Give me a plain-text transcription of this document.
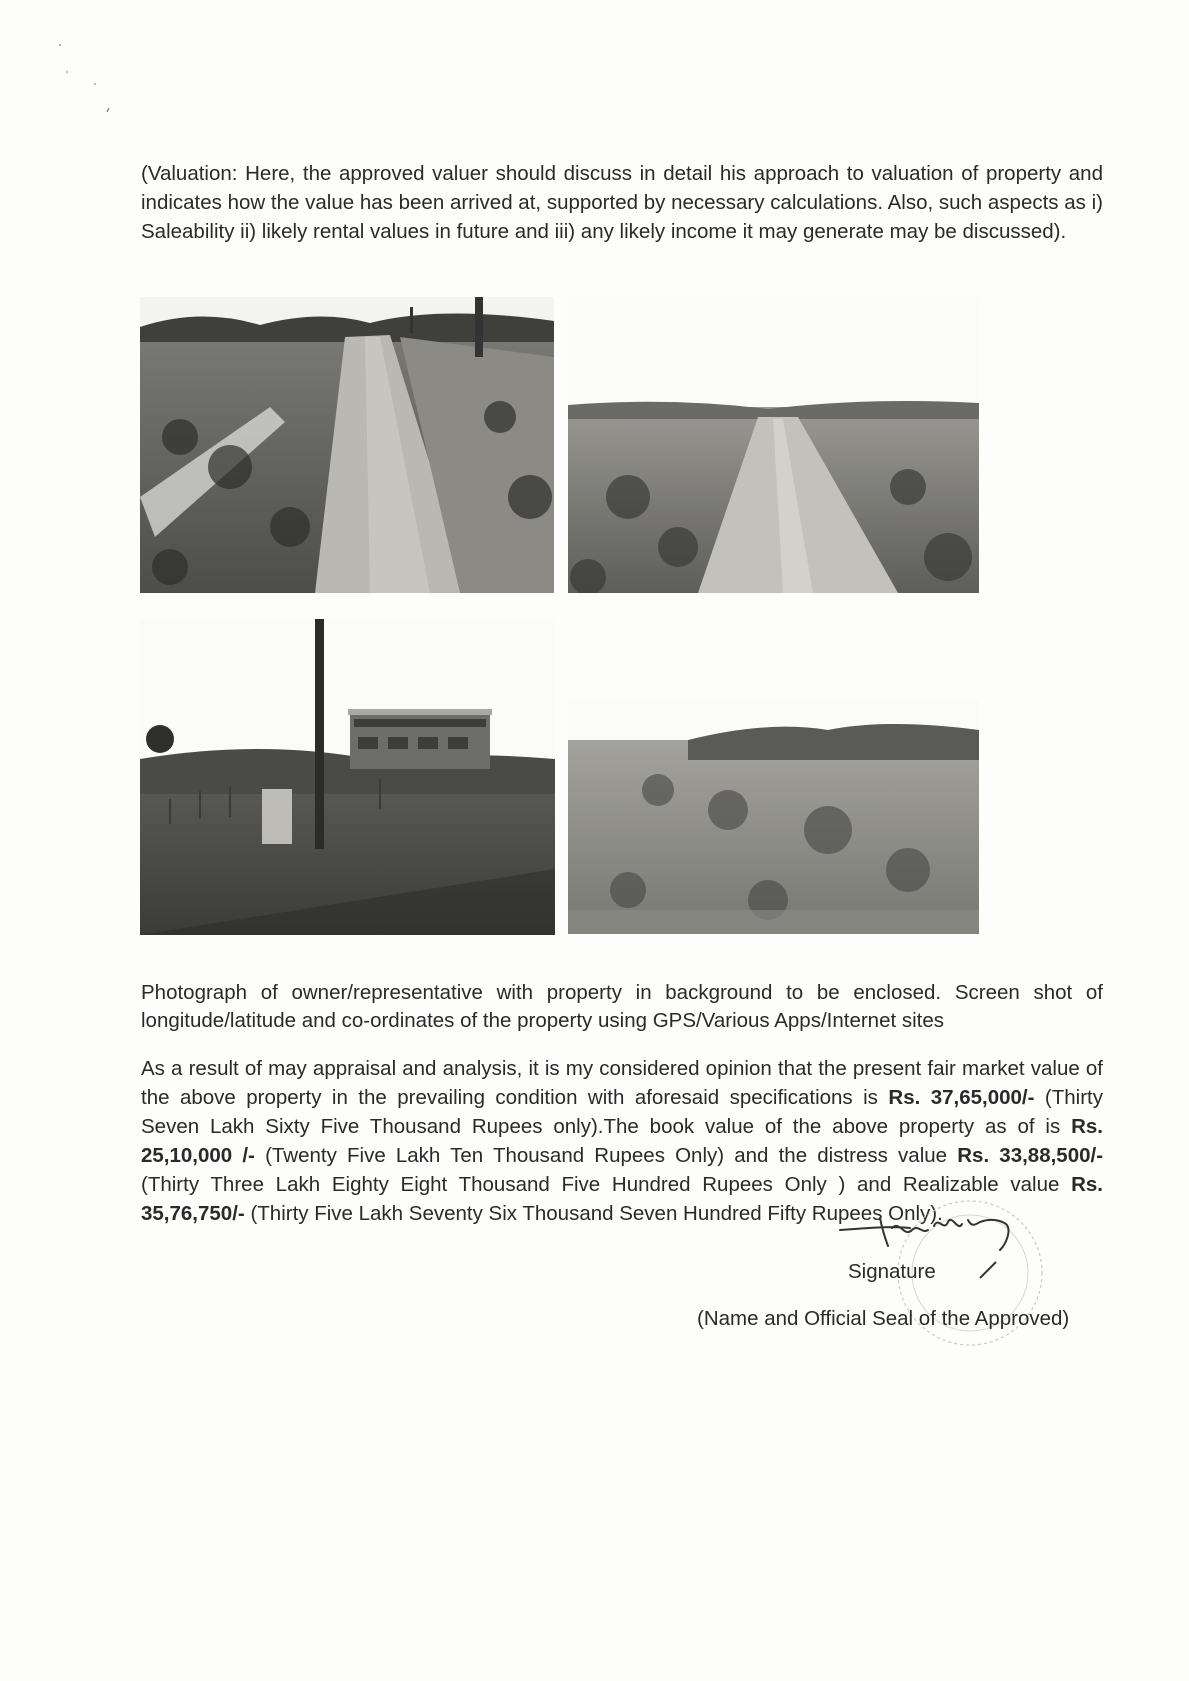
(Valuation: Here, the approved valuer should discuss in detail his approach to valuation of property and indicates how the value has been arrived at, supported by necessary calculations. Also, such aspects as i) Saleability ii) likely rental values in future and iii) any likely income it may generate may be discussed).

Photograph of owner/representative with property in background to be enclosed. Screen shot of longitude/latitude and co-ordinates of the property using GPS/Various Apps/Internet sites

As a result of may appraisal and analysis, it is my considered opinion that the present fair market value of the above property in the prevailing condition with aforesaid specifications is Rs. 37,65,000/- (Thirty Seven Lakh Sixty Five Thousand Rupees only).The book value of the above property as of is Rs. 25,10,000 /- (Twenty Five Lakh Ten Thousand Rupees Only) and the distress value Rs. 33,88,500/- (Thirty Three Lakh Eighty Eight Thousand Five Hundred Rupees Only ) and Realizable value Rs. 35,76,750/- (Thirty Five Lakh Seventy Six Thousand Seven Hundred Fifty Rupees Only).

Signature
(Name and Official Seal of the Approved)
